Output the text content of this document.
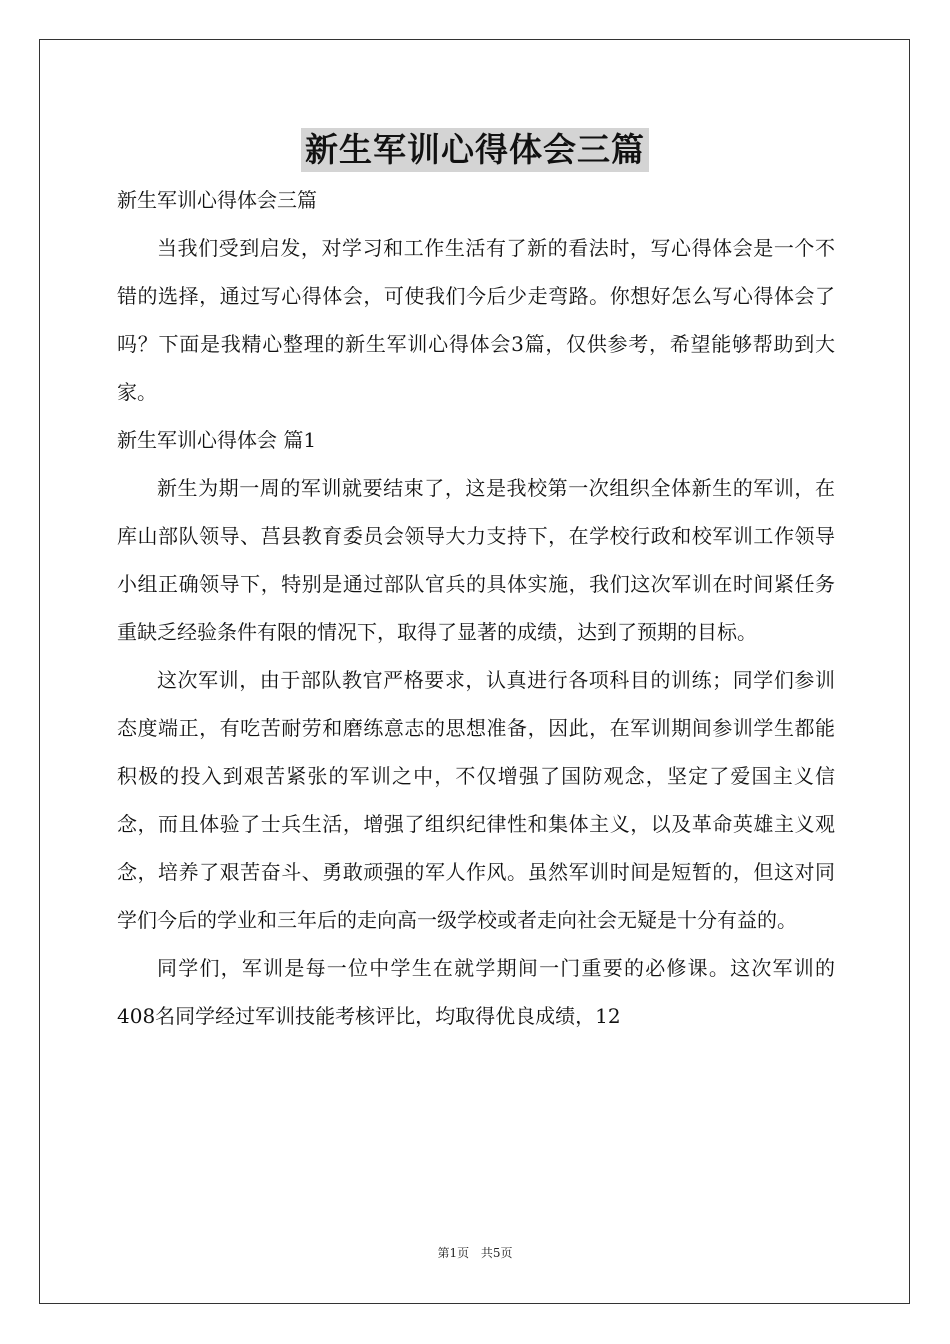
新生军训心得体会三篇

新生军训心得体会三篇

当我们受到启发，对学习和工作生活有了新的看法时，写心得体会是一个不错的选择，通过写心得体会，可使我们今后少走弯路。你想好怎么写心得体会了吗？下面是我精心整理的新生军训心得体会3篇，仅供参考，希望能够帮助到大家。

新生军训心得体会 篇1

新生为期一周的军训就要结束了，这是我校第一次组织全体新生的军训，在库山部队领导、莒县教育委员会领导大力支持下，在学校行政和校军训工作领导小组正确领导下，特别是通过部队官兵的具体实施，我们这次军训在时间紧任务重缺乏经验条件有限的情况下，取得了显著的成绩，达到了预期的目标。

这次军训，由于部队教官严格要求，认真进行各项科目的训练；同学们参训态度端正，有吃苦耐劳和磨练意志的思想准备，因此，在军训期间参训学生都能积极的投入到艰苦紧张的军训之中，不仅增强了国防观念，坚定了爱国主义信念，而且体验了士兵生活，增强了组织纪律性和集体主义，以及革命英雄主义观念，培养了艰苦奋斗、勇敢顽强的军人作风。虽然军训时间是短暂的，但这对同学们今后的学业和三年后的走向高一级学校或者走向社会无疑是十分有益的。

同学们，军训是每一位中学生在就学期间一门重要的必修课。这次军训的408名同学经过军训技能考核评比，均取得优良成绩，12

第1页 共5页
